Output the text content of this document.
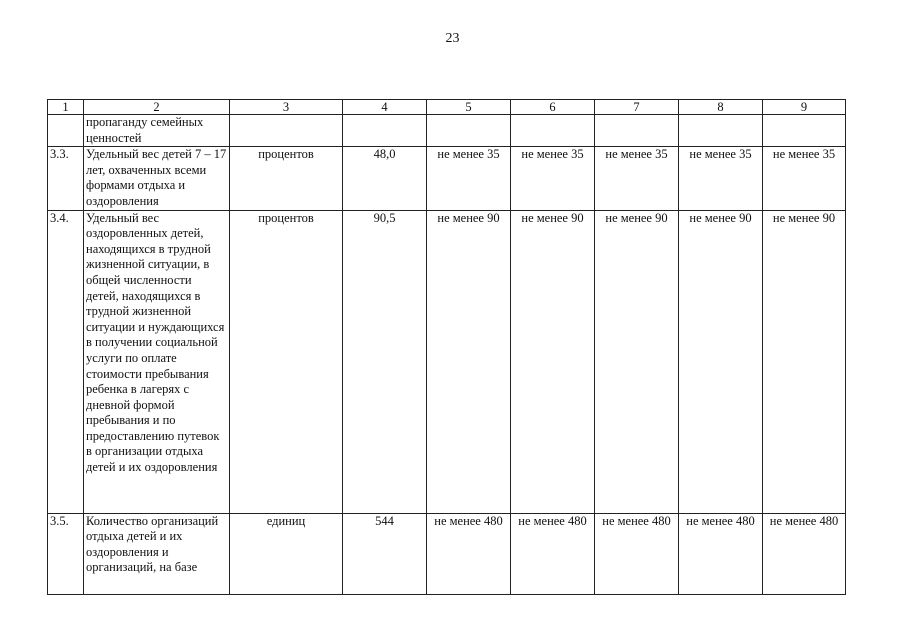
23
1	2	3	4	5	6	7	8	9
	пропаганду семейных ценностей							
3.3.	Удельный вес детей 7 – 17 лет, охваченных всеми формами отдыха и оздоровления	процентов	48,0	не менее 35	не менее 35	не менее 35	не менее 35	не менее 35
3.4.	Удельный вес оздоровленных детей, находящихся в трудной жизненной ситуации, в общей численности детей, находящихся в трудной жизненной ситуации и нуждающихся в получении социальной услуги по оплате стоимости пребывания ребенка в лагерях с дневной формой пребывания и по предоставлению путевок в организации отдыха детей и их оздоровления	процентов	90,5	не менее 90	не менее 90	не менее 90	не менее 90	не менее 90
3.5.	Количество организаций отдыха детей и их оздоровления и организаций, на базе	единиц	544	не менее 480	не менее 480	не менее 480	не менее 480	не менее 480
